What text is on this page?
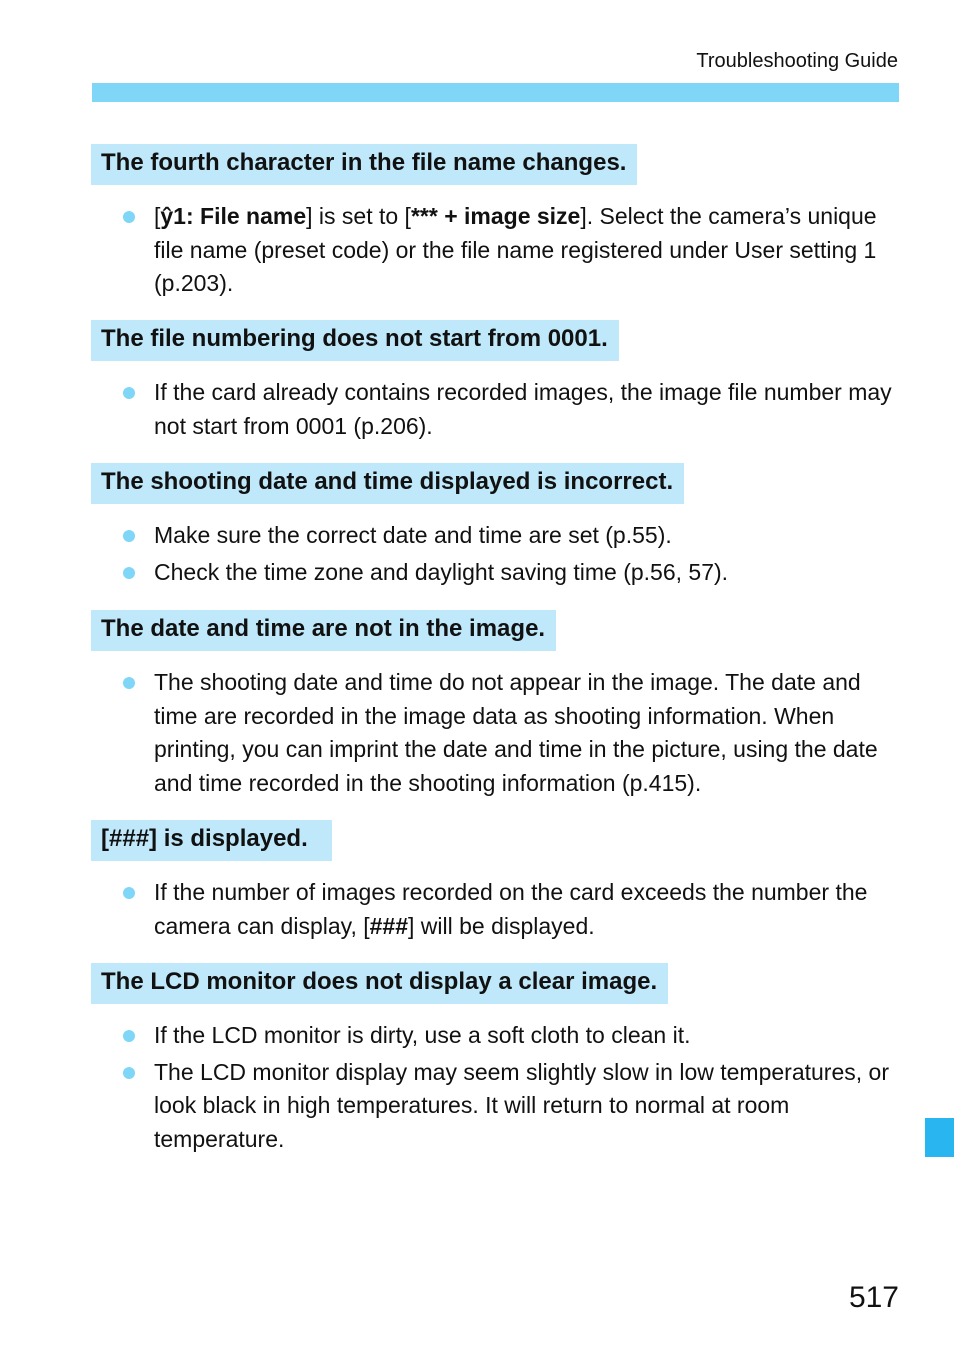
Troubleshooting Guide
The fourth character in the file name changes.
[ŷ1: File name] is set to [*** + image size]. Select the camera’s unique file name (preset code) or the file name registered under User setting 1 (p.203).
The file numbering does not start from 0001.
If the card already contains recorded images, the image file number may not start from 0001 (p.206).
The shooting date and time displayed is incorrect.
Make sure the correct date and time are set (p.55).
Check the time zone and daylight saving time (p.56, 57).
The date and time are not in the image.
The shooting date and time do not appear in the image. The date and time are recorded in the image data as shooting information. When printing, you can imprint the date and time in the picture, using the date and time recorded in the shooting information (p.415).
[###] is displayed.
If the number of images recorded on the card exceeds the number the camera can display, [###] will be displayed.
The LCD monitor does not display a clear image.
If the LCD monitor is dirty, use a soft cloth to clean it.
The LCD monitor display may seem slightly slow in low temperatures, or look black in high temperatures. It will return to normal at room temperature.
517
